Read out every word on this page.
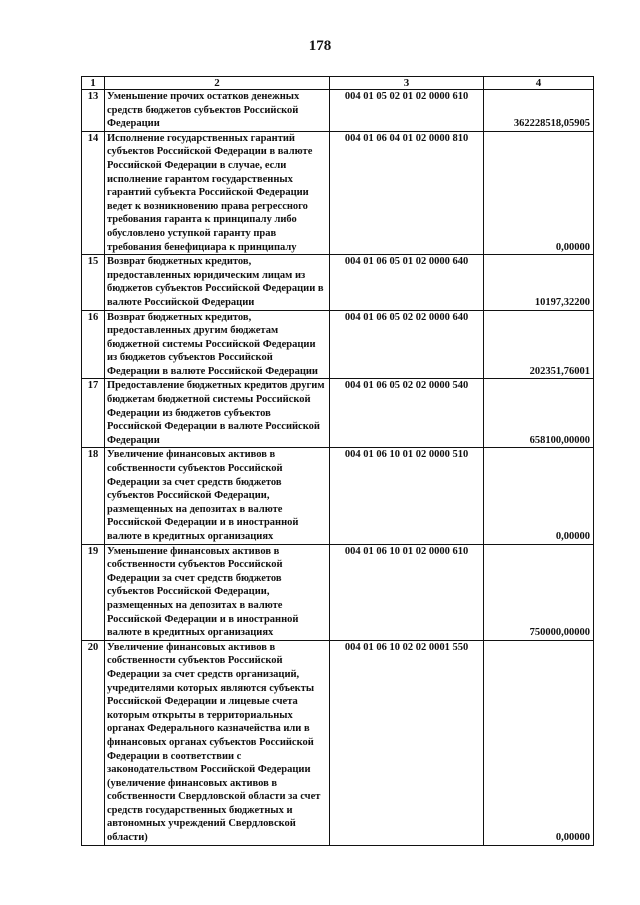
178
1	2	3	4
13	Уменьшение прочих остатков денежных средств бюджетов субъектов Российской Федерации	004 01 05 02 01 02 0000 610	362228518,05905
14	Исполнение государственных гарантий субъектов Российской Федерации в валюте Российской Федерации в случае, если исполнение гарантом государственных гарантий субъекта Российской Федерации ведет к возникновению права регрессного требования гаранта к принципалу либо обусловлено уступкой гаранту прав требования бенефициара к принципалу	004 01 06 04 01 02 0000 810	0,00000
15	Возврат бюджетных кредитов, предоставленных юридическим лицам из бюджетов субъектов Российской Федерации в валюте Российской Федерации	004 01 06 05 01 02 0000 640	10197,32200
16	Возврат бюджетных кредитов, предоставленных другим бюджетам бюджетной системы Российской Федерации из бюджетов субъектов Российской Федерации в валюте Российской Федерации	004 01 06 05 02 02 0000 640	202351,76001
17	Предоставление бюджетных кредитов другим бюджетам бюджетной системы Российской Федерации из бюджетов субъектов Российской Федерации в валюте Российской Федерации	004 01 06 05 02 02 0000 540	658100,00000
18	Увеличение финансовых активов в собственности субъектов Российской Федерации за счет средств бюджетов субъектов Российской Федерации, размещенных на депозитах в валюте Российской Федерации и в иностранной валюте в кредитных организациях	004 01 06 10 01 02 0000 510	0,00000
19	Уменьшение финансовых активов в собственности субъектов Российской Федерации за счет средств бюджетов субъектов Российской Федерации, размещенных на депозитах в валюте Российской Федерации и в иностранной валюте в кредитных организациях	004 01 06 10 01 02 0000 610	750000,00000
20	Увеличение финансовых активов в собственности субъектов Российской Федерации за счет средств организаций, учредителями которых являются субъекты Российской Федерации и лицевые счета которым открыты в территориальных органах Федерального казначейства или в финансовых органах субъектов Российской Федерации в соответствии с законодательством Российской Федерации (увеличение финансовых активов в собственности Свердловской области за счет средств государственных бюджетных и автономных учреждений Свердловской области)	004 01 06 10 02 02 0001 550	0,00000
